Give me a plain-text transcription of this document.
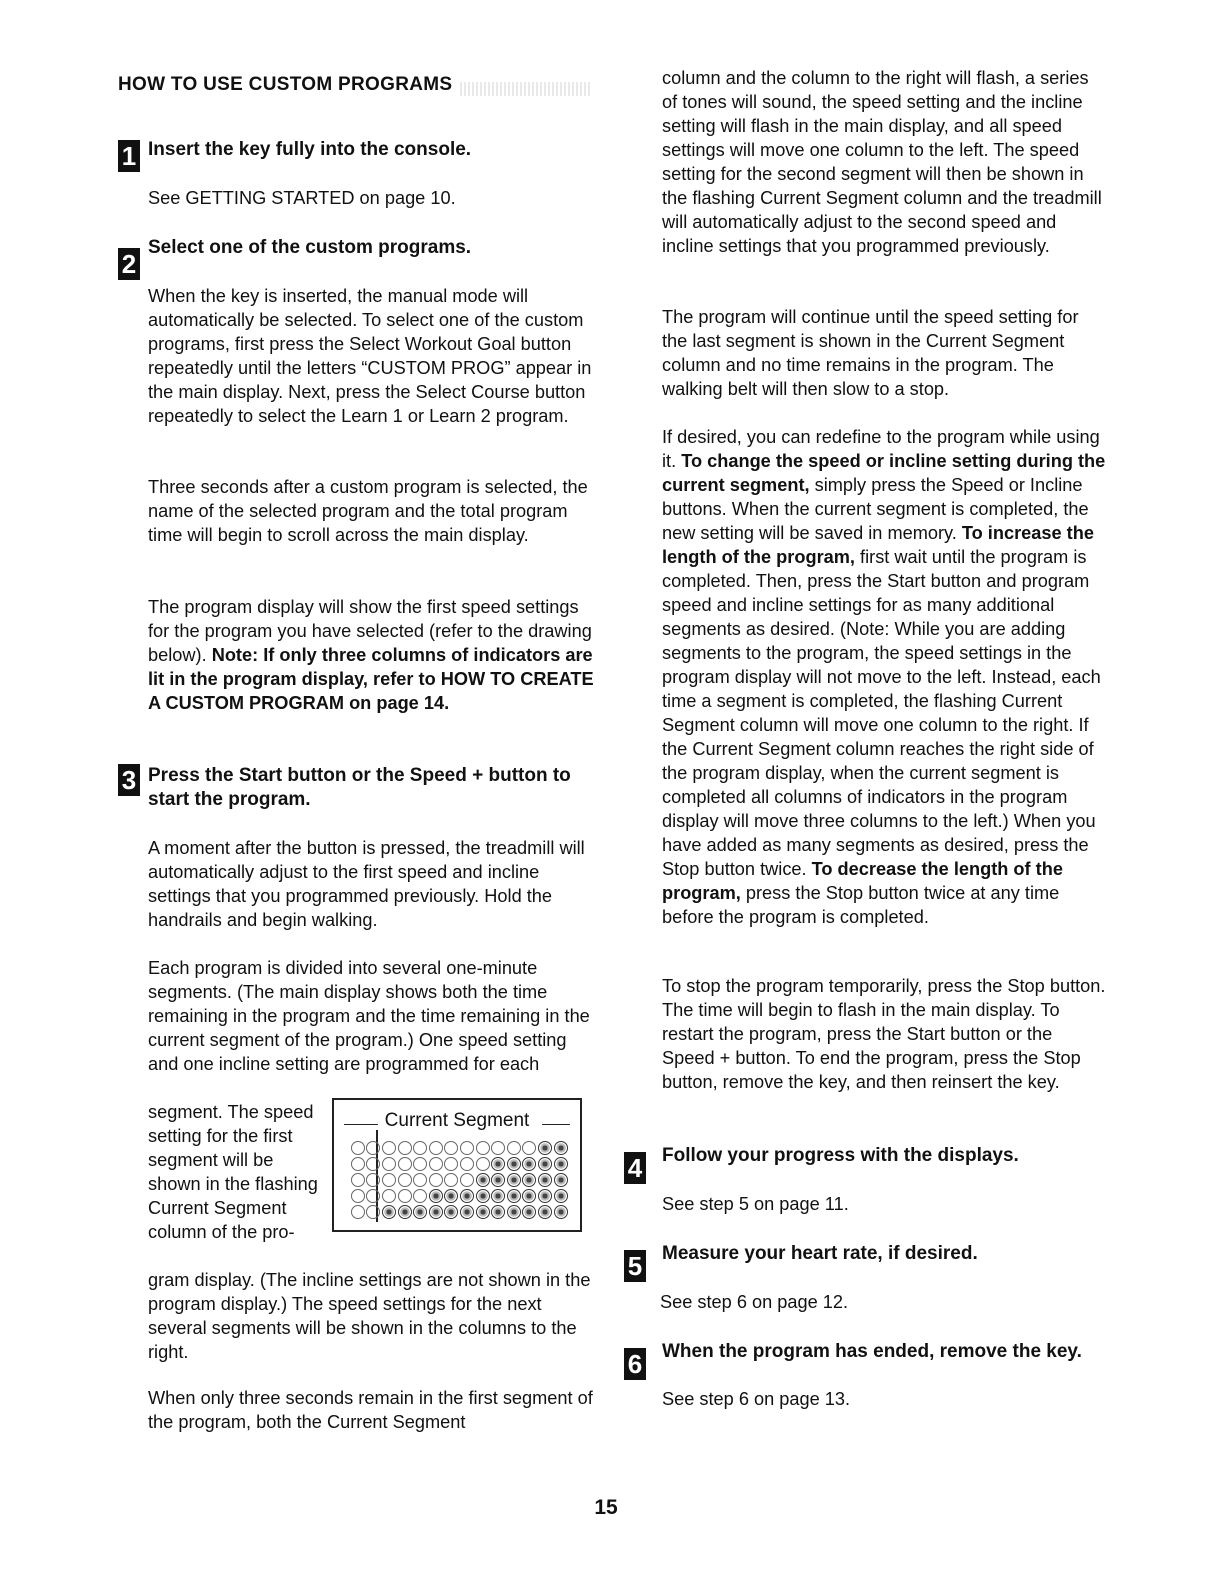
HOW TO USE CUSTOM PROGRAMS
1 Insert the key fully into the console.

See GETTING STARTED on page 10.

2

Select one of the custom programs.

When the key is inserted, the manual mode will automatically be selected. To select one of the custom programs, first press the Select Workout Goal button repeatedly until the letters “CUSTOM PROG” appear in the main display. Next, press the Select Course button repeatedly to select the Learn 1 or Learn 2 program.

Three seconds after a custom program is selected, the name of the selected program and the total program time will begin to scroll across the main display.

The program display will show the first speed settings for the program you have selected (refer to the drawing below). Note: If only three columns of indicators are lit in the program display, refer to HOW TO CREATE A CUSTOM PROGRAM on page 14.

3 Press the Start button or the Speed + button to start the program.

A moment after the button is pressed, the treadmill will automatically adjust to the first speed and incline settings that you programmed previously. Hold the handrails and begin walking.

Each program is divided into several one-minute segments. (The main display shows both the time remaining in the program and the time remaining in the current segment of the program.) One speed setting and one incline setting are programmed for each

segment. The speed setting for the first segment will be shown in the flashing Current Segment column of the pro-

gram display. (The incline settings are not shown in the program display.) The speed settings for the next several segments will be shown in the columns to the right.

When only three seconds remain in the first segment of the program, both the Current Segment

Current Segment

column and the column to the right will flash, a series of tones will sound, the speed setting and the incline setting will flash in the main display, and all speed settings will move one column to the left. The speed setting for the second segment will then be shown in the flashing Current Segment column and the treadmill will automatically adjust to the second speed and incline settings that you programmed previously.

The program will continue until the speed setting for the last segment is shown in the Current Segment column and no time remains in the program. The walking belt will then slow to a stop.

If desired, you can redefine to the program while using it. To change the speed or incline setting during the current segment, simply press the Speed or Incline buttons. When the current segment is completed, the new setting will be saved in memory. To increase the length of the program, first wait until the program is completed. Then, press the Start button and program speed and incline settings for as many additional segments as desired. (Note: While you are adding segments to the program, the speed settings in the program display will not move to the left. Instead, each time a segment is completed, the flashing Current Segment column will move one column to the right. If the Current Segment column reaches the right side of the program display, when the current segment is completed all columns of indicators in the program display will move three columns to the left.) When you have added as many segments as desired, press the Stop button twice. To decrease the length of the program, press the Stop button twice at any time before the program is completed.

To stop the program temporarily, press the Stop button. The time will begin to flash in the main display. To restart the program, press the Start button or the Speed + button. To end the program, press the Stop button, remove the key, and then reinsert the key.

4 Follow your progress with the displays.

See step 5 on page 11.

5 Measure your heart rate, if desired.

See step 6 on page 12.

6 When the program has ended, remove the key.

See step 6 on page 13.

15
